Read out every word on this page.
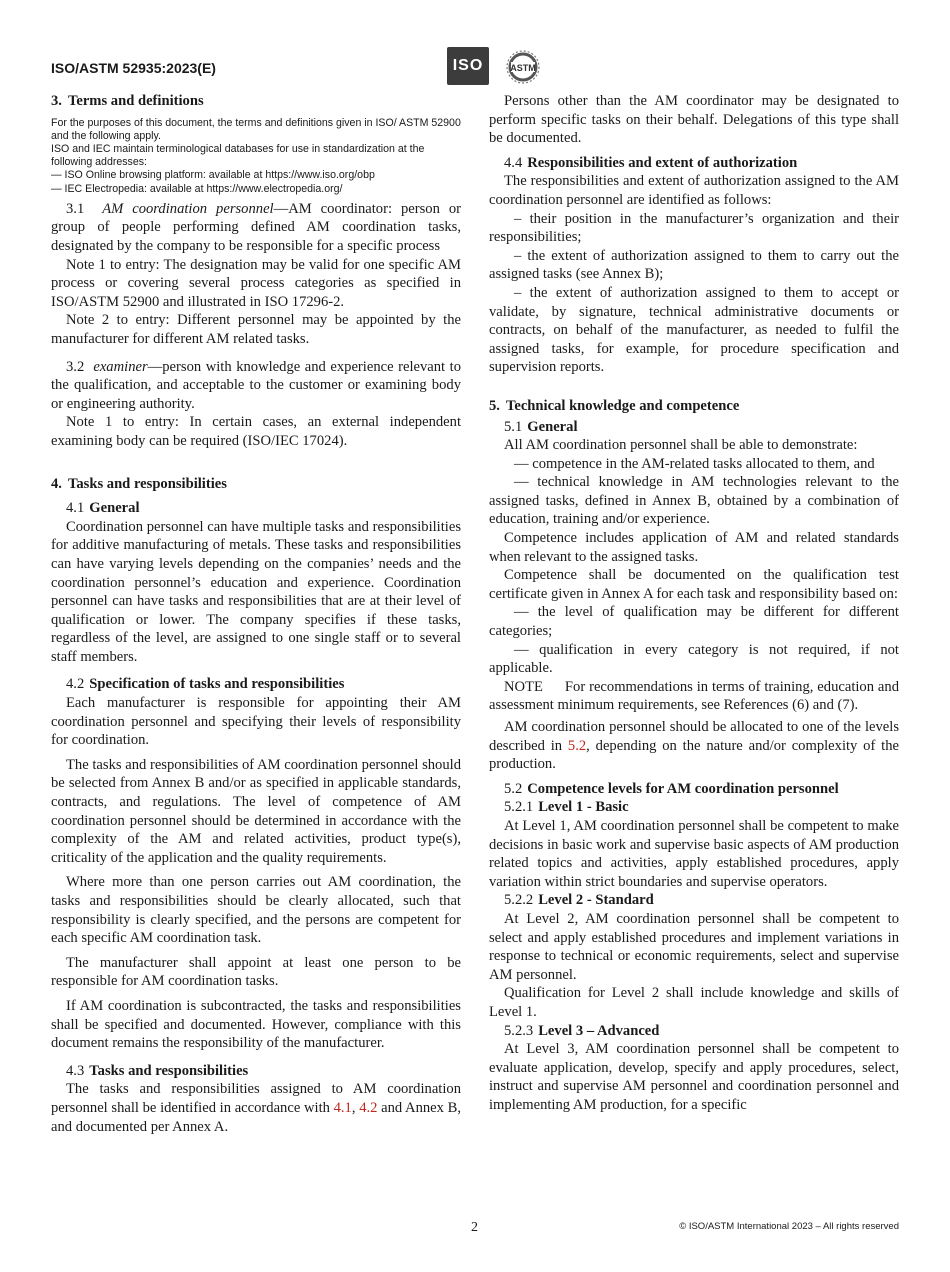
ISO/ASTM 52935:2023(E)	ISO	ASTM

3. Terms and definitions

For the purposes of this document, the terms and definitions given in ISO/ ASTM 52900 and the following apply.

ISO and IEC maintain terminological databases for use in standardization at the following addresses:

— ISO Online browsing platform: available at https://www.iso.org/obp

— IEC Electropedia: available at https://www.electropedia.org/

3.1 AM coordination personnel—AM coordinator: person or group of people performing defined AM coordination tasks, designated by the company to be responsible for a specific process

Note 1 to entry: The designation may be valid for one specific AM process or covering several process categories as specified in ISO/ASTM 52900 and illustrated in ISO 17296-2.

Note 2 to entry: Different personnel may be appointed by the manufacturer for different AM related tasks.

3.2 examiner—person with knowledge and experience relevant to the qualification, and acceptable to the customer or examining body or engineering authority.

Note 1 to entry: In certain cases, an external independent examining body can be required (ISO/IEC 17024).

4. Tasks and responsibilities

4.1 General

Coordination personnel can have multiple tasks and responsibilities for additive manufacturing of metals. These tasks and responsibilities can have varying levels depending on the companies’ needs and the coordination personnel’s education and experience. Coordination personnel can have tasks and responsibilities that are at their level of qualification or lower. The company specifies if these tasks, regardless of the level, are assigned to one single staff or to several staff members.

4.2 Specification of tasks and responsibilities

Each manufacturer is responsible for appointing their AM coordination personnel and specifying their levels of responsibility for coordination.

The tasks and responsibilities of AM coordination personnel should be selected from Annex B and/or as specified in applicable standards, contracts, and regulations. The level of competence of AM coordination personnel should be determined in accordance with the complexity of the AM and related activities, product type(s), criticality of the application and the quality requirements.

Where more than one person carries out AM coordination, the tasks and responsibilities should be clearly allocated, such that responsibility is clearly specified, and the persons are competent for each specific AM coordination task.

The manufacturer shall appoint at least one person to be responsible for AM coordination tasks.

If AM coordination is subcontracted, the tasks and responsibilities shall be specified and documented. However, compliance with this document remains the responsibility of the manufacturer.

4.3 Tasks and responsibilities

The tasks and responsibilities assigned to AM coordination personnel shall be identified in accordance with 4.1, 4.2 and Annex B, and documented per Annex A.

Persons other than the AM coordinator may be designated to perform specific tasks on their behalf. Delegations of this type shall be documented.

4.4 Responsibilities and extent of authorization

The responsibilities and extent of authorization assigned to the AM coordination personnel are identified as follows:

– their position in the manufacturer’s organization and their responsibilities;

– the extent of authorization assigned to them to carry out the assigned tasks (see Annex B);

– the extent of authorization assigned to them to accept or validate, by signature, technical administrative documents or contracts, on behalf of the manufacturer, as needed to fulfil the assigned tasks, for example, for procedure specification and supervision reports.

5. Technical knowledge and competence

5.1 General

All AM coordination personnel shall be able to demonstrate:

— competence in the AM-related tasks allocated to them, and

— technical knowledge in AM technologies relevant to the assigned tasks, defined in Annex B, obtained by a combination of education, training and/or experience.

Competence includes application of AM and related standards when relevant to the assigned tasks.

Competence shall be documented on the qualification test certificate given in Annex A for each task and responsibility based on:

— the level of qualification may be different for different categories;

— qualification in every category is not required, if not applicable.

NOTE For recommendations in terms of training, education and assessment minimum requirements, see References (6) and (7).

AM coordination personnel should be allocated to one of the levels described in 5.2, depending on the nature and/or complexity of the production.

5.2 Competence levels for AM coordination personnel

5.2.1 Level 1 - Basic

At Level 1, AM coordination personnel shall be competent to make decisions in basic work and supervise basic aspects of AM production related topics and activities, apply established procedures, apply variation within strict boundaries and supervise operators.

5.2.2 Level 2 - Standard

At Level 2, AM coordination personnel shall be competent to select and apply established procedures and implement variations in response to technical or economic requirements, select and supervise AM personnel.

Qualification for Level 2 shall include knowledge and skills of Level 1.

5.2.3 Level 3 – Advanced

At Level 3, AM coordination personnel shall be competent to evaluate application, develop, specify and apply procedures, select, instruct and supervise AM personnel and coordination personnel and implementing AM production, for a specific

2	© ISO/ASTM International 2023 – All rights reserved
